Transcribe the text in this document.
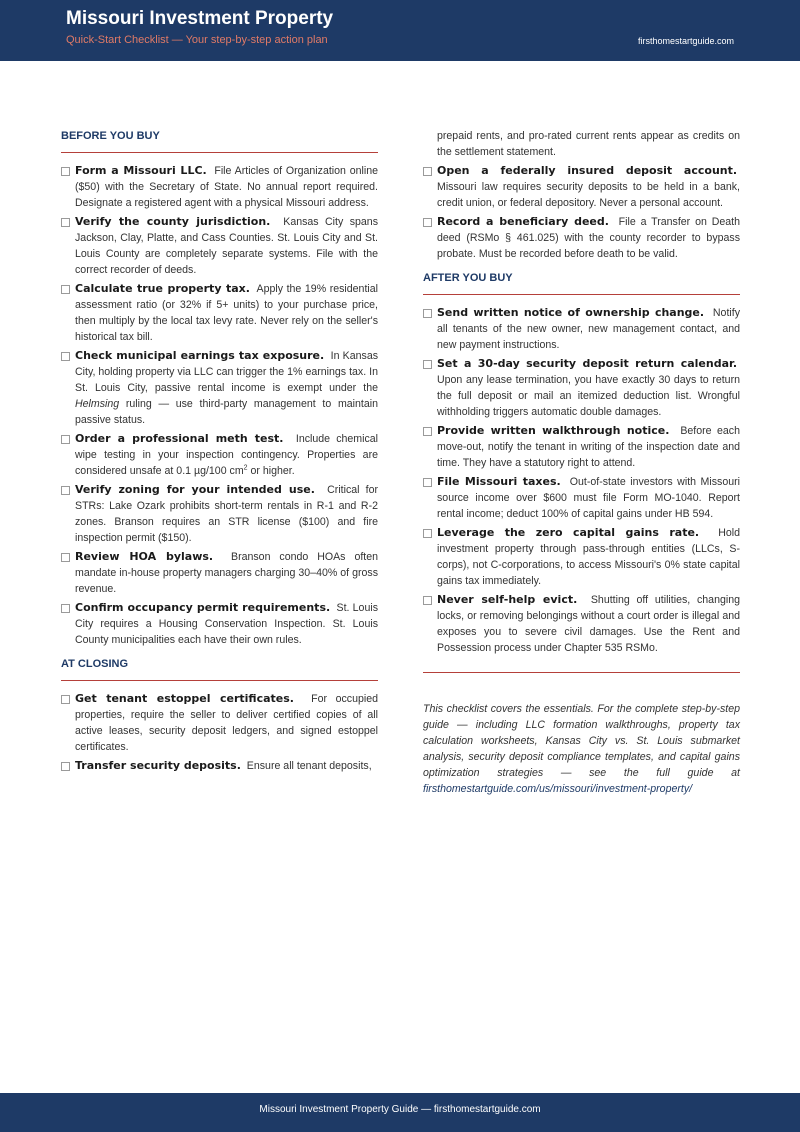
Missouri Investment Property
Quick-Start Checklist — Your step-by-step action plan	firsthomestartguide.com
BEFORE YOU BUY
Form a Missouri LLC. File Articles of Organization online ($50) with the Secretary of State. No annual report required. Designate a registered agent with a physical Missouri address.
Verify the county jurisdiction. Kansas City spans Jackson, Clay, Platte, and Cass Counties. St. Louis City and St. Louis County are completely separate systems. File with the correct recorder of deeds.
Calculate true property tax. Apply the 19% residential assessment ratio (or 32% if 5+ units) to your purchase price, then multiply by the local tax levy rate. Never rely on the seller's historical tax bill.
Check municipal earnings tax exposure. In Kansas City, holding property via LLC can trigger the 1% earnings tax. In St. Louis City, passive rental income is exempt under the Helmsing ruling — use third-party management to maintain passive status.
Order a professional meth test. Include chemical wipe testing in your inspection contingency. Properties are considered unsafe at 0.1 µg/100 $cm^2$ or higher.
Verify zoning for your intended use. Critical for STRs: Lake Ozark prohibits short-term rentals in R-1 and R-2 zones. Branson requires an STR license ($100) and fire inspection permit ($150).
Review HOA bylaws. Branson condo HOAs often mandate in-house property managers charging 30–40% of gross revenue.
Confirm occupancy permit requirements. St. Louis City requires a Housing Conservation Inspection. St. Louis County municipalities each have their own rules.
AT CLOSING
Get tenant estoppel certificates. For occupied properties, require the seller to deliver certified copies of all active leases, security deposit ledgers, and signed estoppel certificates.
Transfer security deposits. Ensure all tenant deposits,
prepaid rents, and pro-rated current rents appear as credits on the settlement statement.
Open a federally insured deposit account.  Missouri law requires security deposits to be held in a bank, credit union, or federal depository. Never a personal account.
Record a beneficiary deed. File a Transfer on Death deed (RSMo § 461.025) with the county recorder to bypass probate. Must be recorded before death to be valid.
AFTER YOU BUY
Send written notice of ownership change. Notify all tenants of the new owner, new management contact, and new payment instructions.
Set a 30-day security deposit return calendar.  Upon any lease termination, you have exactly 30 days to return the full deposit or mail an itemized deduction list. Wrongful withholding triggers automatic double damages.
Provide written walkthrough notice. Before each move-out, notify the tenant in writing of the inspection date and time. They have a statutory right to attend.
File Missouri taxes. Out-of-state investors with Missouri source income over $600 must file Form MO-1040. Report rental income; deduct 100% of capital gains under HB 594.
Leverage the zero capital gains rate. Hold investment property through pass-through entities (LLCs, S-corps), not C-corporations, to access Missouri's 0% state capital gains tax immediately.
Never self-help evict. Shutting off utilities, changing locks, or removing belongings without a court order is illegal and exposes you to severe civil damages. Use the Rent and Possession process under Chapter 535 RSMo.
This checklist covers the essentials. For the complete step-by-step guide — including LLC formation walkthroughs, property tax calculation worksheets, Kansas City vs. St. Louis submarket analysis, security deposit compliance templates, and capital gains optimization strategies — see the full guide at firsthomestartguide.com/us/missouri/investment-property/
Missouri Investment Property Guide — firsthomestartguide.com
